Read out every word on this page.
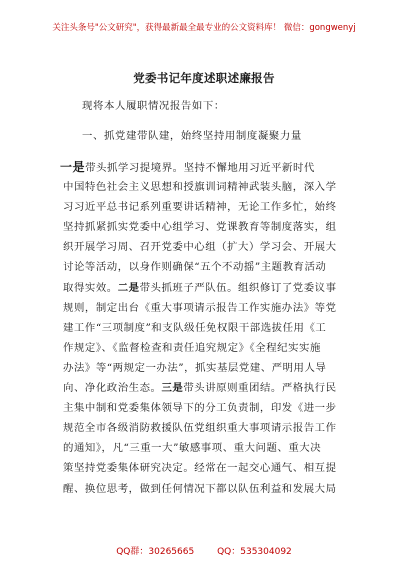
关注头条号"公文研究"，获得最新最全最专业的公文资料库！ 微信：gongwenyj
党委书记年度述职述廉报告
现将本人履职情况报告如下：
一、抓党建带队建，始终坚持用制度凝聚力量
一是带头抓学习提境界。坚持不懈地用习近平新时代
中国特色社会主义思想和授旗训词精神武装头脑，深入学
习习近平总书记系列重要讲话精神，无论工作多忙，始终
坚持抓紧抓实党委中心组学习、党课教育等制度落实，组
织开展学习周、召开党委中心组（扩大）学习会、开展大
讨论等活动，以身作则确保“五个不动摇”主题教育活动
取得实效。二是带头抓班子严队伍。组织修订了党委议事
规则，制定出台《重大事项请示报告工作实施办法》等党
建工作“三项制度”和支队级任免权限干部选拔任用《工
作规定》、《监督检查和责任追究规定》《全程纪实实施
办法》等“两规定一办法”，抓实基层党建、严明用人导
向、净化政治生态。三是带头讲原则重团结。严格执行民
主集中制和党委集体领导下的分工负责制，印发《进一步
规范全市各级消防救援队伍党组织重大事项请示报告工作
的通知》，凡“三重一大”敏感事项、重大问题、重大决
策坚持党委集体研究决定。经常在一起交心通气、相互提
醒、换位思考，做到任何情况下都以队伍利益和发展大局
QQ群：30265665	QQ：535304092
